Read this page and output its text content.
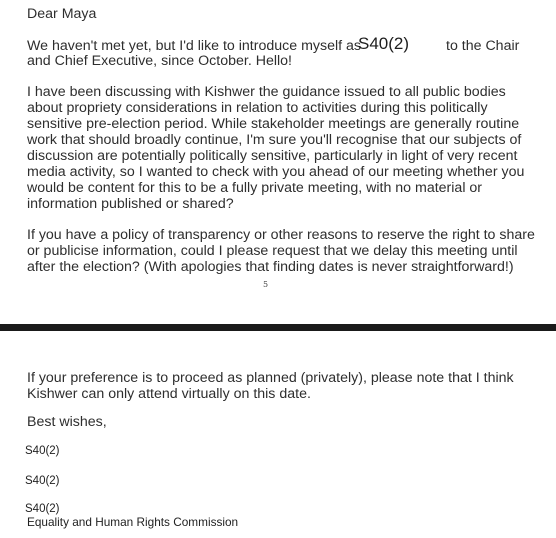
Dear Maya
We haven't met yet, but I'd like to introduce myself as
S40(2)	to the Chair
and Chief Executive, since October. Hello!
I have been discussing with Kishwer the guidance issued to all public bodies
about propriety considerations in relation to activities during this politically
sensitive pre-election period. While stakeholder meetings are generally routine
work that should broadly continue, I'm sure you'll recognise that our subjects of
discussion are potentially politically sensitive, particularly in light of very recent
media activity, so I wanted to check with you ahead of our meeting whether you
would be content for this to be a fully private meeting, with no material or
information published or shared?
If you have a policy of transparency or other reasons to reserve the right to share
or publicise information, could I please request that we delay this meeting until
after the election? (With apologies that finding dates is never straightforward!)
5
If your preference is to proceed as planned (privately), please note that I think
Kishwer can only attend virtually on this date.
Best wishes,
S40(2)
S40(2)
S40(2)
Equality and Human Rights Commission
